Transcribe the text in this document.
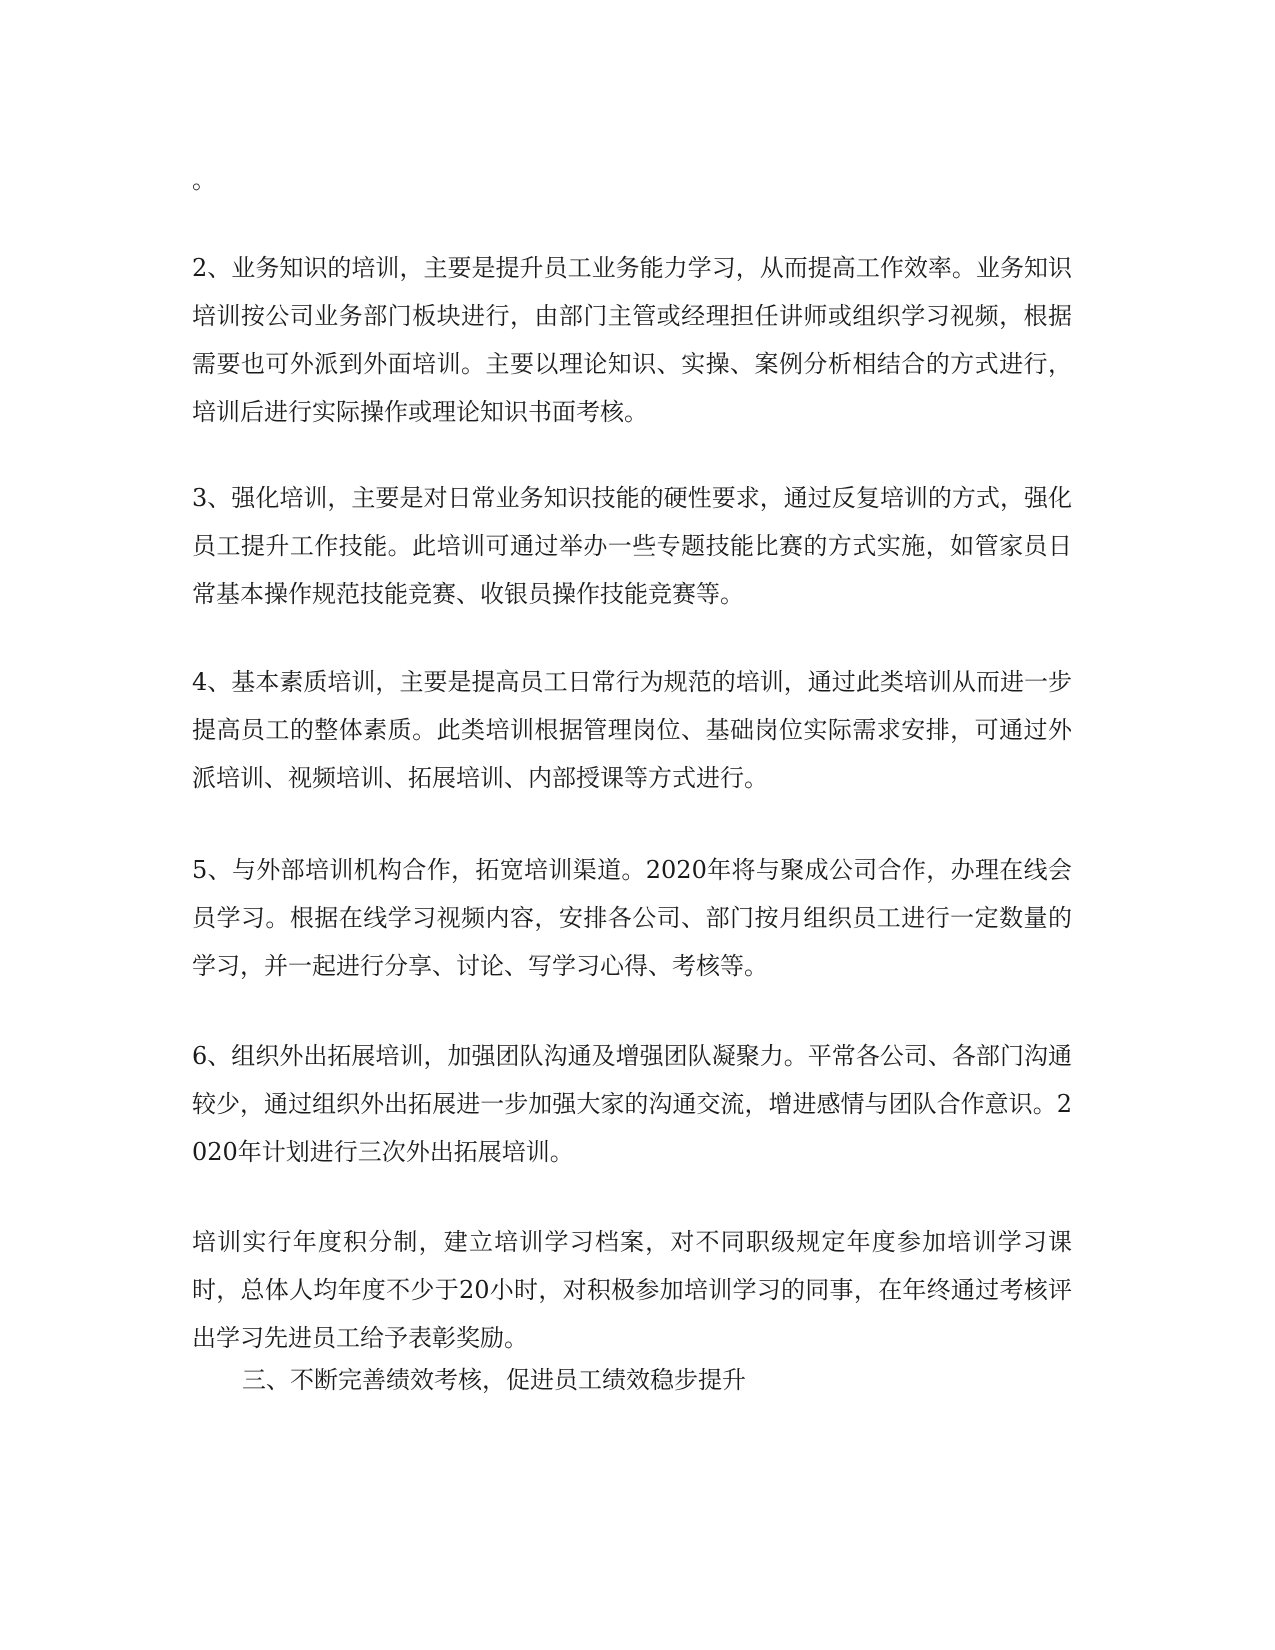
。

2、业务知识的培训，主要是提升员工业务能力学习，从而提高工作效率。业务知识培训按公司业务部门板块进行，由部门主管或经理担任讲师或组织学习视频，根据需要也可外派到外面培训。主要以理论知识、实操、案例分析相结合的方式进行，培训后进行实际操作或理论知识书面考核。

3、强化培训，主要是对日常业务知识技能的硬性要求，通过反复培训的方式，强化员工提升工作技能。此培训可通过举办一些专题技能比赛的方式实施，如管家员日常基本操作规范技能竞赛、收银员操作技能竞赛等。

4、基本素质培训，主要是提高员工日常行为规范的培训，通过此类培训从而进一步提高员工的整体素质。此类培训根据管理岗位、基础岗位实际需求安排，可通过外派培训、视频培训、拓展培训、内部授课等方式进行。

5、与外部培训机构合作，拓宽培训渠道。2020年将与聚成公司合作，办理在线会员学习。根据在线学习视频内容，安排各公司、部门按月组织员工进行一定数量的学习，并一起进行分享、讨论、写学习心得、考核等。

6、组织外出拓展培训，加强团队沟通及增强团队凝聚力。平常各公司、各部门沟通较少，通过组织外出拓展进一步加强大家的沟通交流，增进感情与团队合作意识。2020年计划进行三次外出拓展培训。

培训实行年度积分制，建立培训学习档案，对不同职级规定年度参加培训学习课时，总体人均年度不少于20小时，对积极参加培训学习的同事，在年终通过考核评出学习先进员工给予表彰奖励。

三、不断完善绩效考核，促进员工绩效稳步提升
